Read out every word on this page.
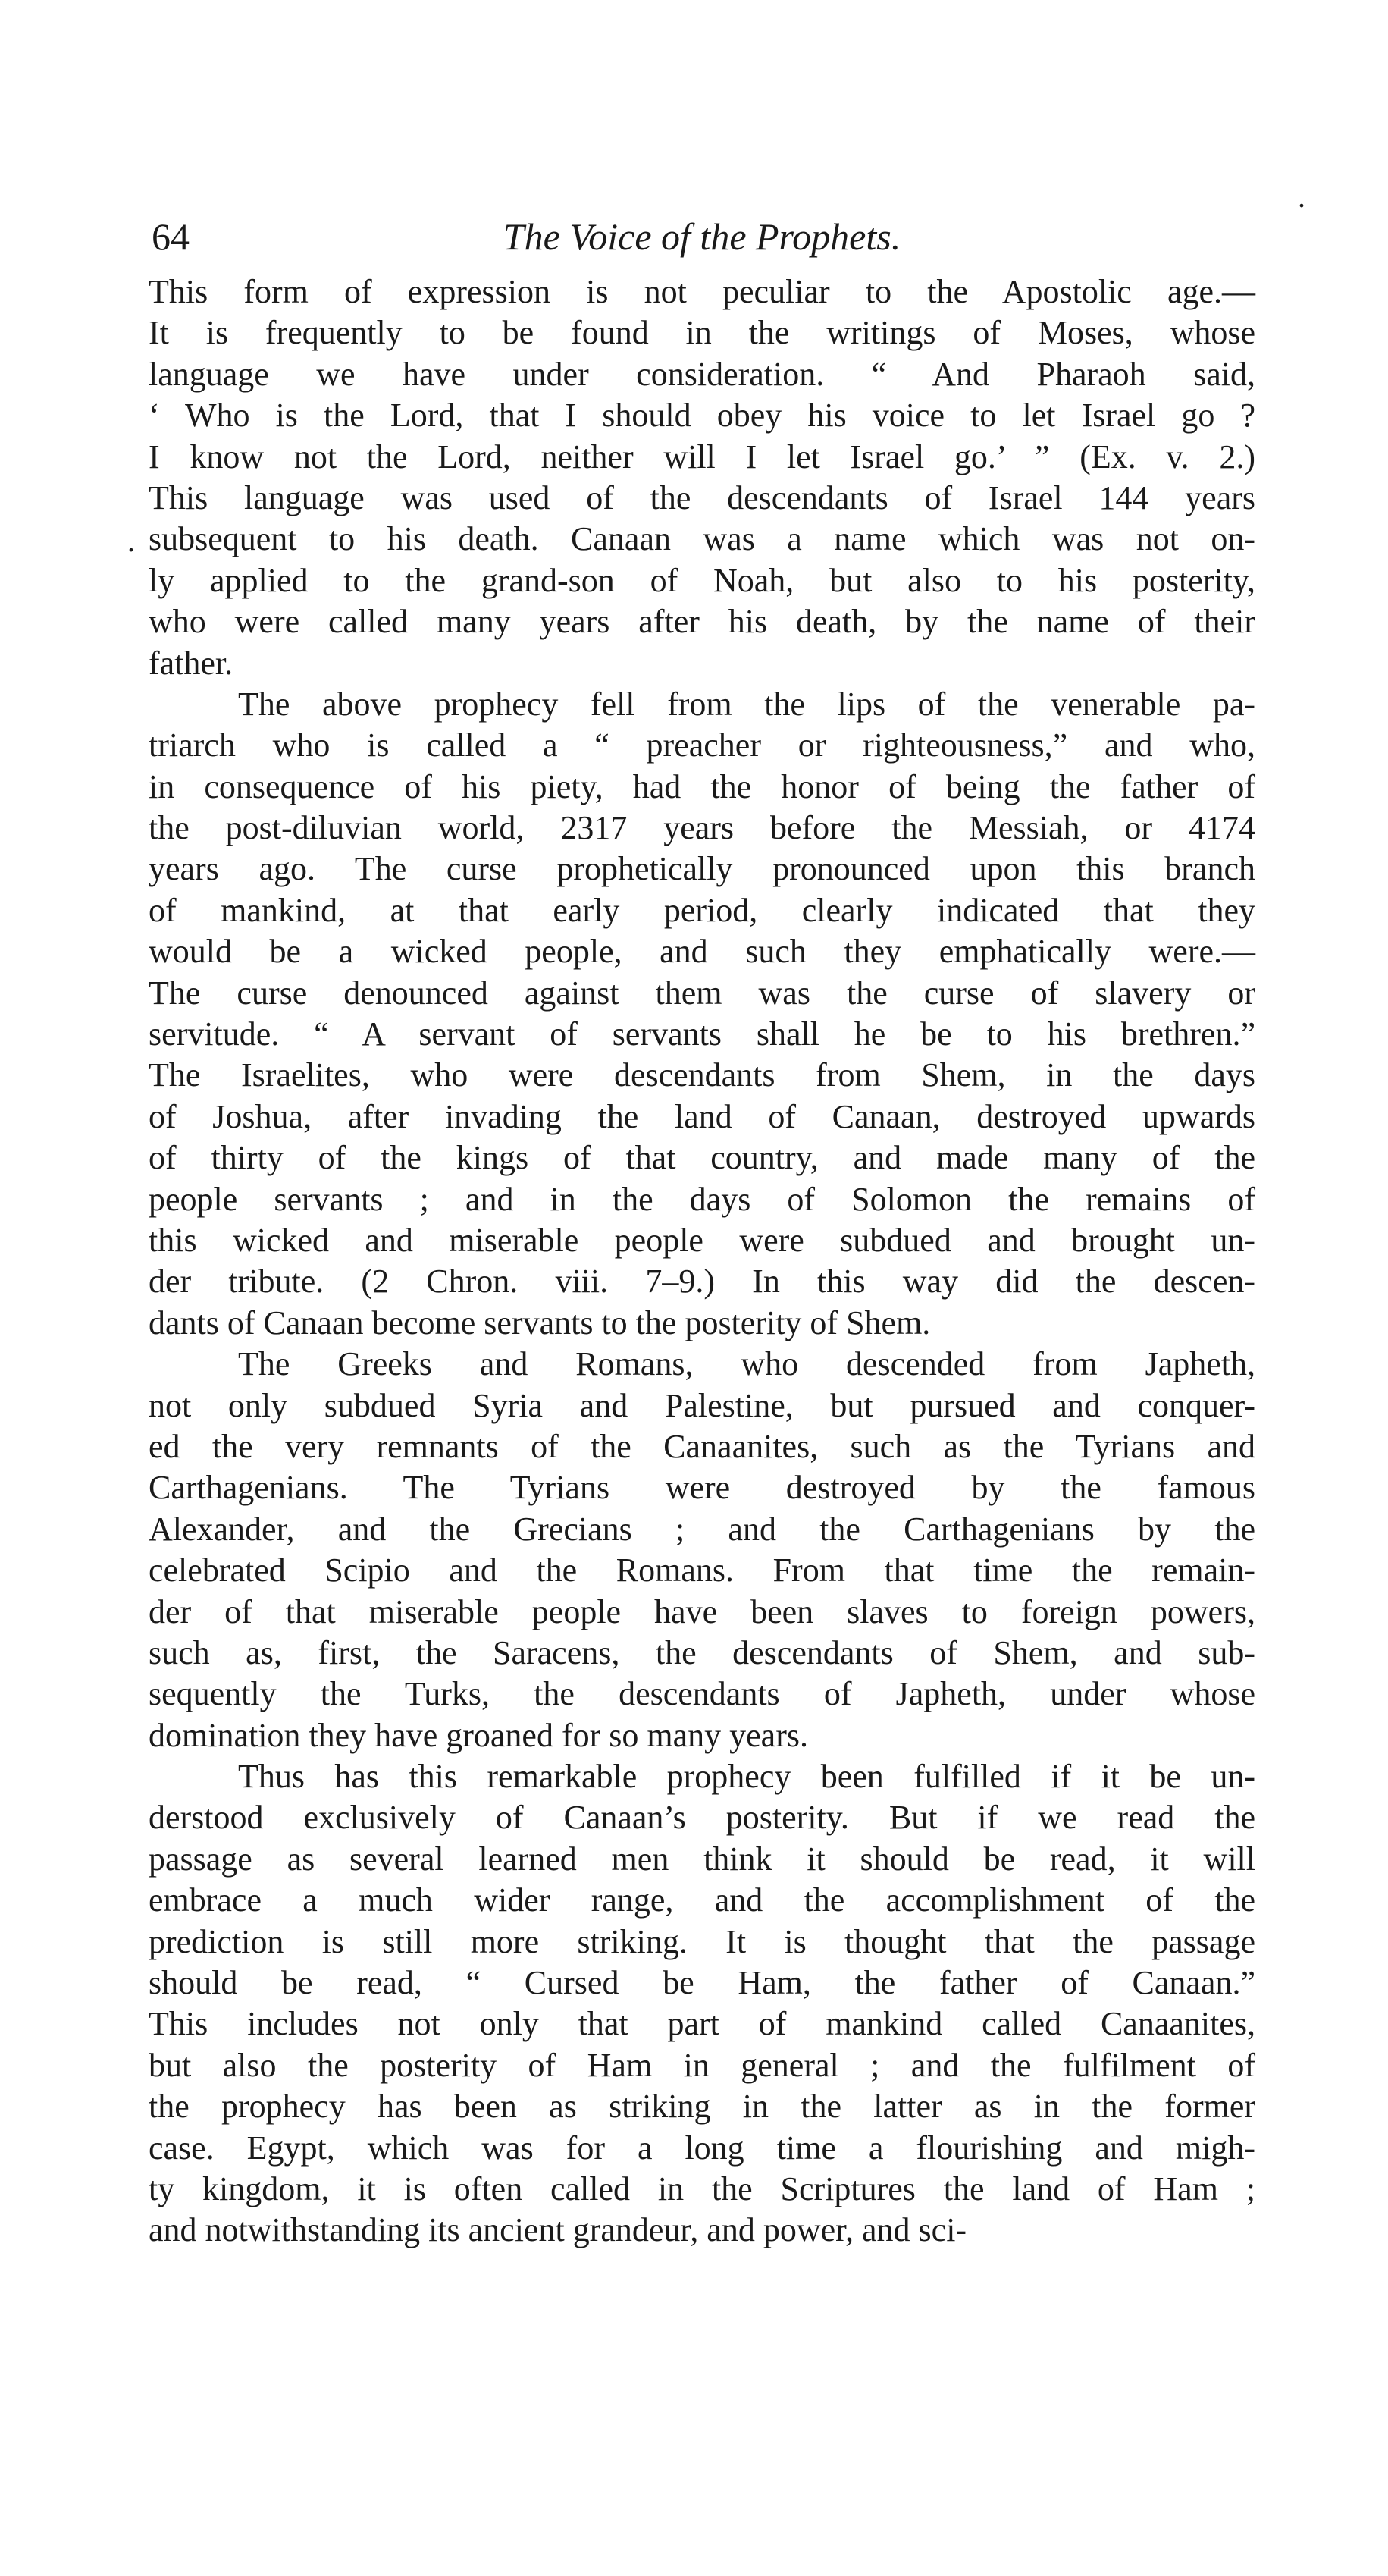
64	The Voice of the Prophets.
This form of expression is not peculiar to the Apostolic age.—
It is frequently to be found in the writings of Moses, whose
language we have under consideration. “ And Pharaoh said,
‘ Who is the Lord, that I should obey his voice to let Israel go ?
I know not the Lord, neither will I let Israel go.’ ” (Ex. v. 2.)
This language was used of the descendants of Israel 144 years
subsequent to his death. Canaan was a name which was not on-
ly applied to the grand-son of Noah, but also to his posterity,
who were called many years after his death, by the name of their
father.
The above prophecy fell from the lips of the venerable pa-
triarch who is called a “ preacher or righteousness,” and who,
in consequence of his piety, had the honor of being the father of
the post-diluvian world, 2317 years before the Messiah, or 4174
years ago. The curse prophetically pronounced upon this branch
of mankind, at that early period, clearly indicated that they
would be a wicked people, and such they emphatically were.—
The curse denounced against them was the curse of slavery or
servitude. “ A servant of servants shall he be to his brethren.”
The Israelites, who were descendants from Shem, in the days
of Joshua, after invading the land of Canaan, destroyed upwards
of thirty of the kings of that country, and made many of the
people servants ; and in the days of Solomon the remains of
this wicked and miserable people were subdued and brought un-
der tribute. (2 Chron. viii. 7–9.) In this way did the descen-
dants of Canaan become servants to the posterity of Shem.
The Greeks and Romans, who descended from Japheth,
not only subdued Syria and Palestine, but pursued and conquer-
ed the very remnants of the Canaanites, such as the Tyrians and
Carthagenians. The Tyrians were destroyed by the famous
Alexander, and the Grecians ; and the Carthagenians by the
celebrated Scipio and the Romans. From that time the remain-
der of that miserable people have been slaves to foreign powers,
such as, first, the Saracens, the descendants of Shem, and sub-
sequently the Turks, the descendants of Japheth, under whose
domination they have groaned for so many years.
Thus has this remarkable prophecy been fulfilled if it be un-
derstood exclusively of Canaan’s posterity. But if we read the
passage as several learned men think it should be read, it will
embrace a much wider range, and the accomplishment of the
prediction is still more striking. It is thought that the passage
should be read, “ Cursed be Ham, the father of Canaan.”
This includes not only that part of mankind called Canaanites,
but also the posterity of Ham in general ; and the fulfilment of
the prophecy has been as striking in the latter as in the former
case. Egypt, which was for a long time a flourishing and migh-
ty kingdom, it is often called in the Scriptures the land of Ham ;
and notwithstanding its ancient grandeur, and power, and sci-
.
.
